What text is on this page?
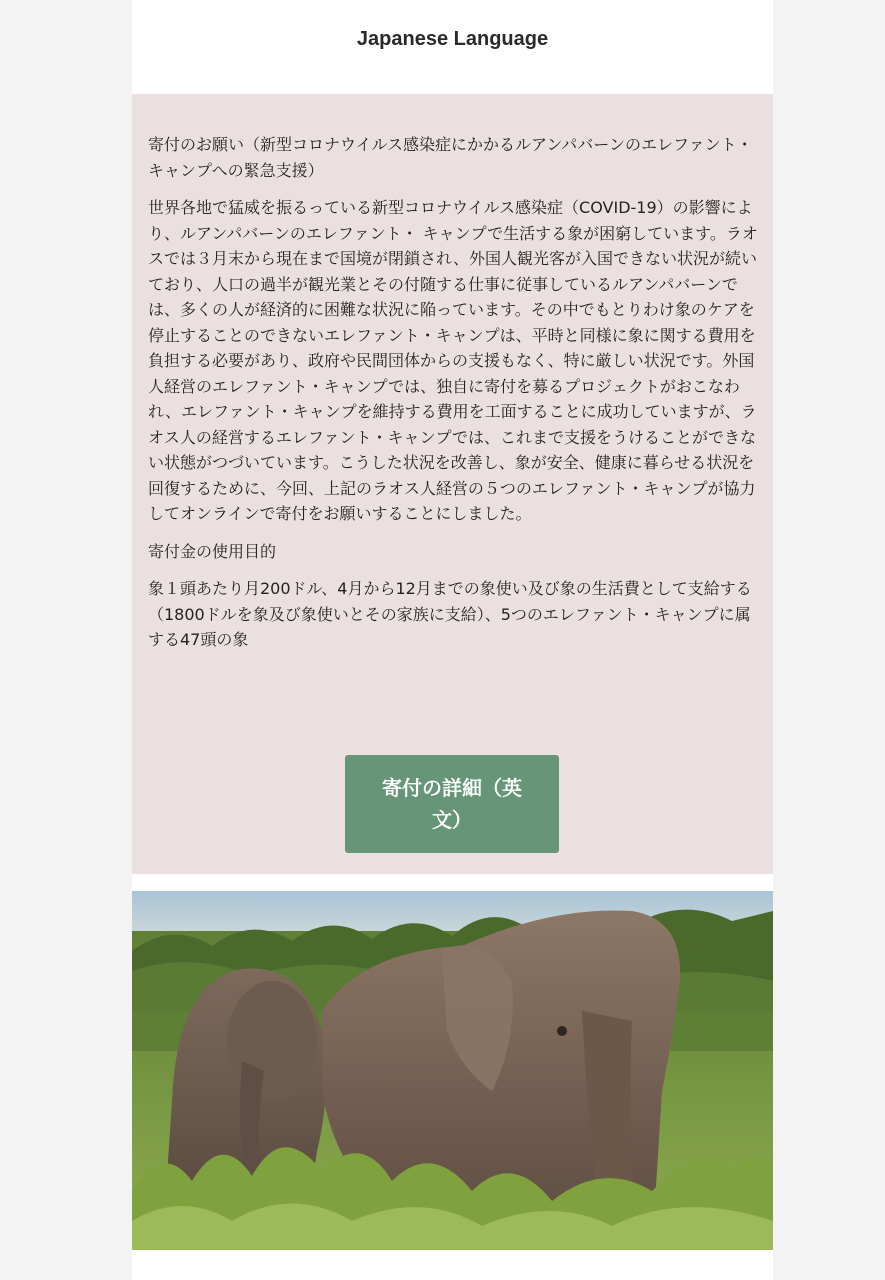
Japanese Language

寄付のお願い（新型コロナウイルス感染症にかかるルアンパバーンのエレファント・キャンプへの緊急支援）

世界各地で猛威を振るっている新型コロナウイルス感染症（COVID-19）の影響により、ルアンパバーンのエレファント・ キャンプで生活する象が困窮しています。ラオスでは３月末から現在まで国境が閉鎖され、外国人観光客が入国できない状況が続いており、人口の過半が観光業とその付随する仕事に従事しているルアンパバーンでは、多くの人が経済的に困難な状況に陥っています。その中でもとりわけ象のケアを停止することのできないエレファント・キャンプは、平時と同様に象に関する費用を負担する必要があり、政府や民間団体からの支援もなく、特に厳しい状況です。外国人経営のエレファント・キャンプでは、独自に寄付を募るプロジェクトがおこなわれ、エレファント・キャンプを維持する費用を工面することに成功していますが、ラオス人の経営するエレファント・キャンプでは、これまで支援をうけることができない状態がつづいています。こうした状況を改善し、象が安全、健康に暮らせる状況を回復するために、今回、上記のラオス人経営の５つのエレファント・キャンプが協力してオンラインで寄付をお願いすることにしました。

寄付金の使用目的

象１頭あたり月200ドル、4月から12月までの象使い及び象の生活費として支給する（1800ドルを象及び象使いとその家族に支給）、5つのエレファント・キャンプに属する47頭の象

寄付の詳細（英文）
